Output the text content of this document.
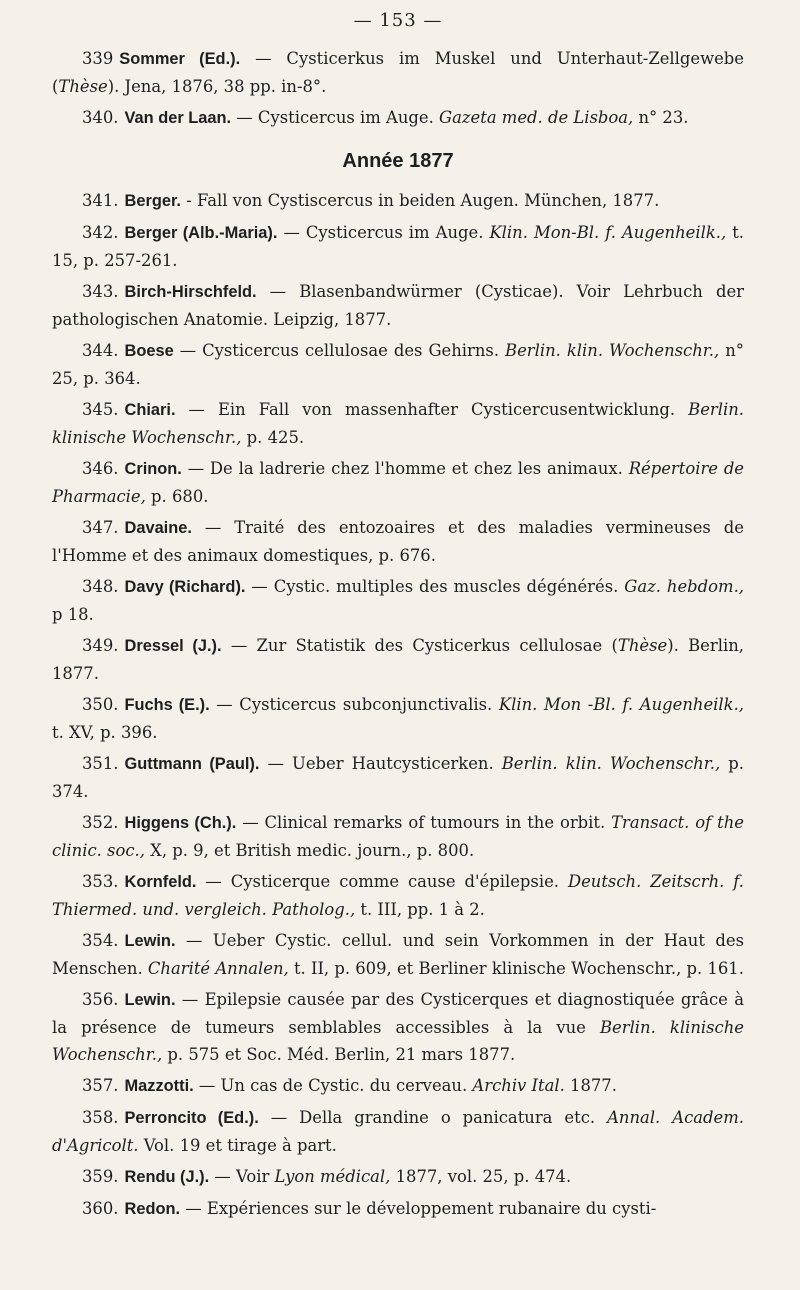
— 153 —

339 Sommer (Ed.). — Cysticerkus im Muskel und Unterhaut-Zellgewebe (Thèse). Jena, 1876, 38 pp. in-8°.

340. Van der Laan. — Cysticercus im Auge. Gazeta med. de Lisboa, n° 23.

Année 1877

341. Berger. - Fall von Cystiscercus in beiden Augen. München, 1877.

342. Berger (Alb.-Maria). — Cysticercus im Auge. Klin. Mon-Bl. f. Augenheilk., t. 15, p. 257-261.

343. Birch-Hirschfeld. — Blasenbandwürmer (Cysticae). Voir Lehrbuch der pathologischen Anatomie. Leipzig, 1877.

344. Boese — Cysticercus cellulosae des Gehirns. Berlin. klin. Wochenschr., n° 25, p. 364.

345. Chiari. — Ein Fall von massenhafter Cysticercusentwicklung. Berlin. klinische Wochenschr., p. 425.

346. Crinon. — De la ladrerie chez l'homme et chez les animaux. Répertoire de Pharmacie, p. 680.

347. Davaine. — Traité des entozoaires et des maladies vermineuses de l'Homme et des animaux domestiques, p. 676.

348. Davy (Richard). — Cystic. multiples des muscles dégénérés. Gaz. hebdom., p 18.

349. Dressel (J.). — Zur Statistik des Cysticerkus cellulosae (Thèse). Berlin, 1877.

350. Fuchs (E.). — Cysticercus subconjunctivalis. Klin. Mon -Bl. f. Augenheilk., t. XV, p. 396.

351. Guttmann (Paul). — Ueber Hautcysticerken. Berlin. klin. Wochenschr., p. 374.

352. Higgens (Ch.). — Clinical remarks of tumours in the orbit. Transact. of the clinic. soc., X, p. 9, et British medic. journ., p. 800.

353. Kornfeld. — Cysticerque comme cause d'épilepsie. Deutsch. Zeitscrh. f. Thiermed. und. vergleich. Patholog., t. III, pp. 1 à 2.

354. Lewin. — Ueber Cystic. cellul. und sein Vorkommen in der Haut des Menschen. Charité Annalen, t. II, p. 609, et Berliner klinische Wochenschr., p. 161.

356. Lewin. — Epilepsie causée par des Cysticerques et diagnostiquée grâce à la présence de tumeurs semblables accessibles à la vue Berlin. klinische Wochenschr., p. 575 et Soc. Méd. Berlin, 21 mars 1877.

357. Mazzotti. — Un cas de Cystic. du cerveau. Archiv Ital. 1877.

358. Perroncito (Ed.). — Della grandine o panicatura etc. Annal. Academ. d'Agricolt. Vol. 19 et tirage à part.

359. Rendu (J.). — Voir Lyon médical, 1877, vol. 25, p. 474.

360. Redon. — Expériences sur le développement rubanaire du cysti-
